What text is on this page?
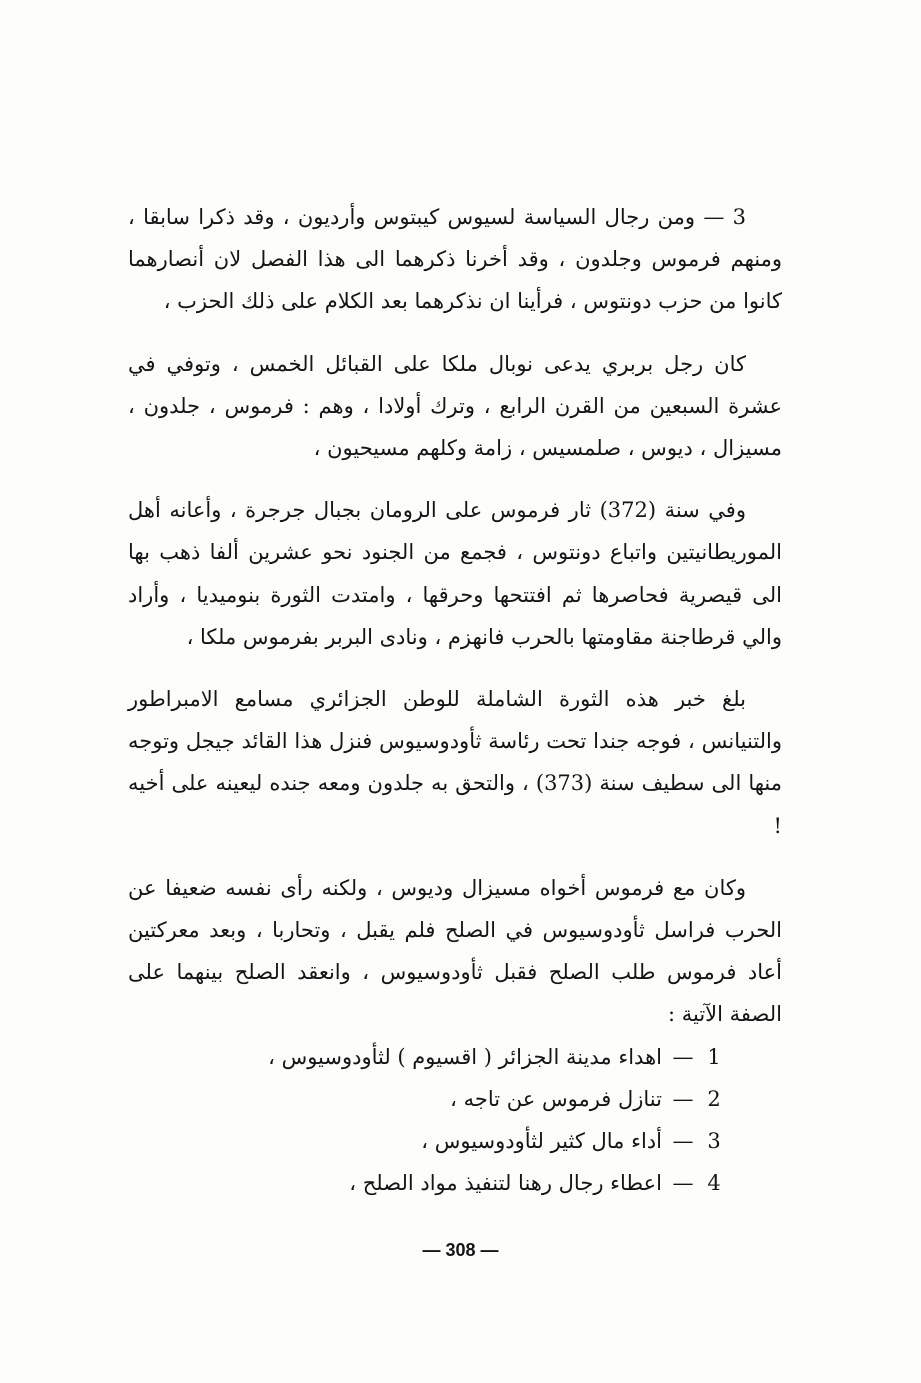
3 — ومن رجال السياسة لسيوس كيبتوس وأرديون ، وقد ذكرا سابقا ، ومنهم فرموس وجلدون ، وقد أخرنا ذكرهما الى هذا الفصل لان أنصارهما كانوا من حزب دونتوس ، فرأينا ان نذكرهما بعد الكلام على ذلك الحزب ،

كان رجل بربري يدعى نوبال ملكا على القبائل الخمس ، وتوفي في عشرة السبعين من القرن الرابع ، وترك أولادا ، وهم : فرموس ، جلدون ، مسيزال ، ديوس ، صلمسيس ، زامة وكلهم مسيحيون ،

وفي سنة (372) ثار فرموس على الرومان بجبال جرجرة ، وأعانه أهل الموريطانيتين واتباع دونتوس ، فجمع من الجنود نحو عشرين ألفا ذهب بها الى قيصرية فحاصرها ثم افتتحها وحرقها ، وامتدت الثورة بنوميديا ، وأراد والي قرطاجنة مقاومتها بالحرب فانهزم ، ونادى البربر بفرموس ملكا ،

بلغ خبر هذه الثورة الشاملة للوطن الجزائري مسامع الامبراطور والتنيانس ، فوجه جندا تحت رئاسة ثأودوسيوس فنزل هذا القائد جيجل وتوجه منها الى سطيف سنة (373) ، والتحق به جلدون ومعه جنده ليعينه على أخيه !

وكان مع فرموس أخواه مسيزال وديوس ، ولكنه رأى نفسه ضعيفا عن الحرب فراسل ثأودوسيوس في الصلح فلم يقبل ، وتحاربا ، وبعد معركتين أعاد فرموس طلب الصلح فقبل ثأودوسيوس ، وانعقد الصلح بينهما على الصفة الآتية :

1
—
اهداء مدينة الجزائر ( اقسيوم ) لثأودوسيوس ،
2
—
تنازل فرموس عن تاجه ،
3
—
أداء مال كثير لثأودوسيوس ،
4
—
اعطاء رجال رهنا لتنفيذ مواد الصلح ،
— 308 —
